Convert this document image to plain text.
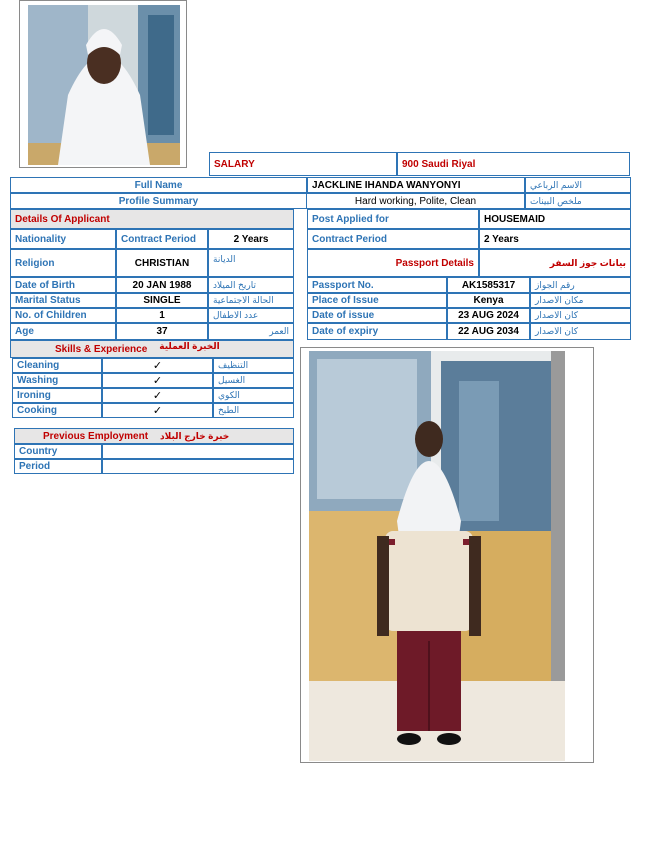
SALARY	900 Saudi Riyal
Full Name	JACKLINE IHANDA WANYONYI	الاسم الرباعي
Profile Summary	Hard working, Polite, Clean	ملخص البينات
Details Of Applicant	Post Applied for	HOUSEMAID
Nationality	Contract Period	2 Years	Contract Period	2 Years
Religion	CHRISTIAN	الديانة	Passport Details	بيانات جوز السفر
Date of Birth	20 JAN 1988	تاريخ الميلاد	Passport No.	AK1585317	رقم الجواز
Marital Status	SINGLE	الحالة الاجتماعية	Place of Issue	Kenya	مكان الاصدار
No. of Children	1	عدد الاطفال	Date of issue	23 AUG 2024	كان الاصدار
Age	37	العمر	Date of expiry	22 AUG 2034	كان الاصدار
Skills & Experience الخبرة العملية
Cleaning	✓	التنظيف
Washing	✓	الغسيل
Ironing	✓	الكوي
Cooking	✓	الطبخ
Previous Employment خبرة خارج البلاد
Country
Period
